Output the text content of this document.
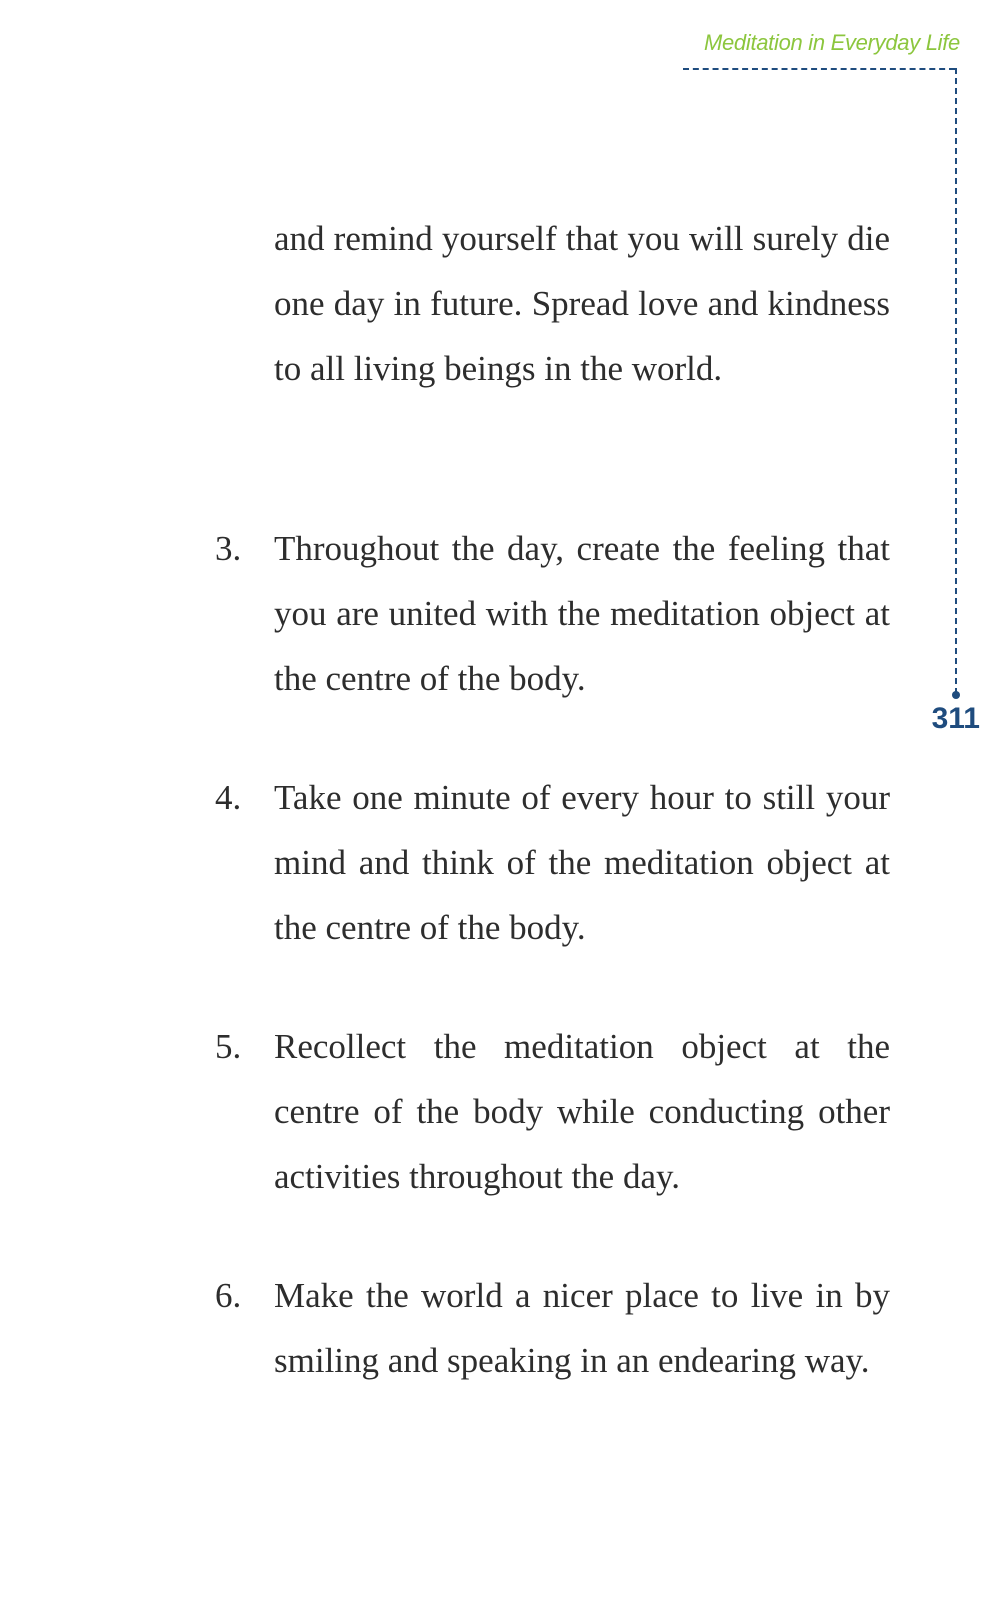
Meditation in Everyday Life
311

and remind yourself that you will surely die one day in future. Spread love and kindness to all living beings in the world.

3. Throughout the day, create the feeling that you are united with the meditation object at the centre of the body.

4. Take one minute of every hour to still your mind and think of the meditation object at the centre of the body.

5. Recollect the meditation object at the centre of the body while conducting other activities throughout the day.

6. Make the world a nicer place to live in by smiling and speaking in an endearing way.
